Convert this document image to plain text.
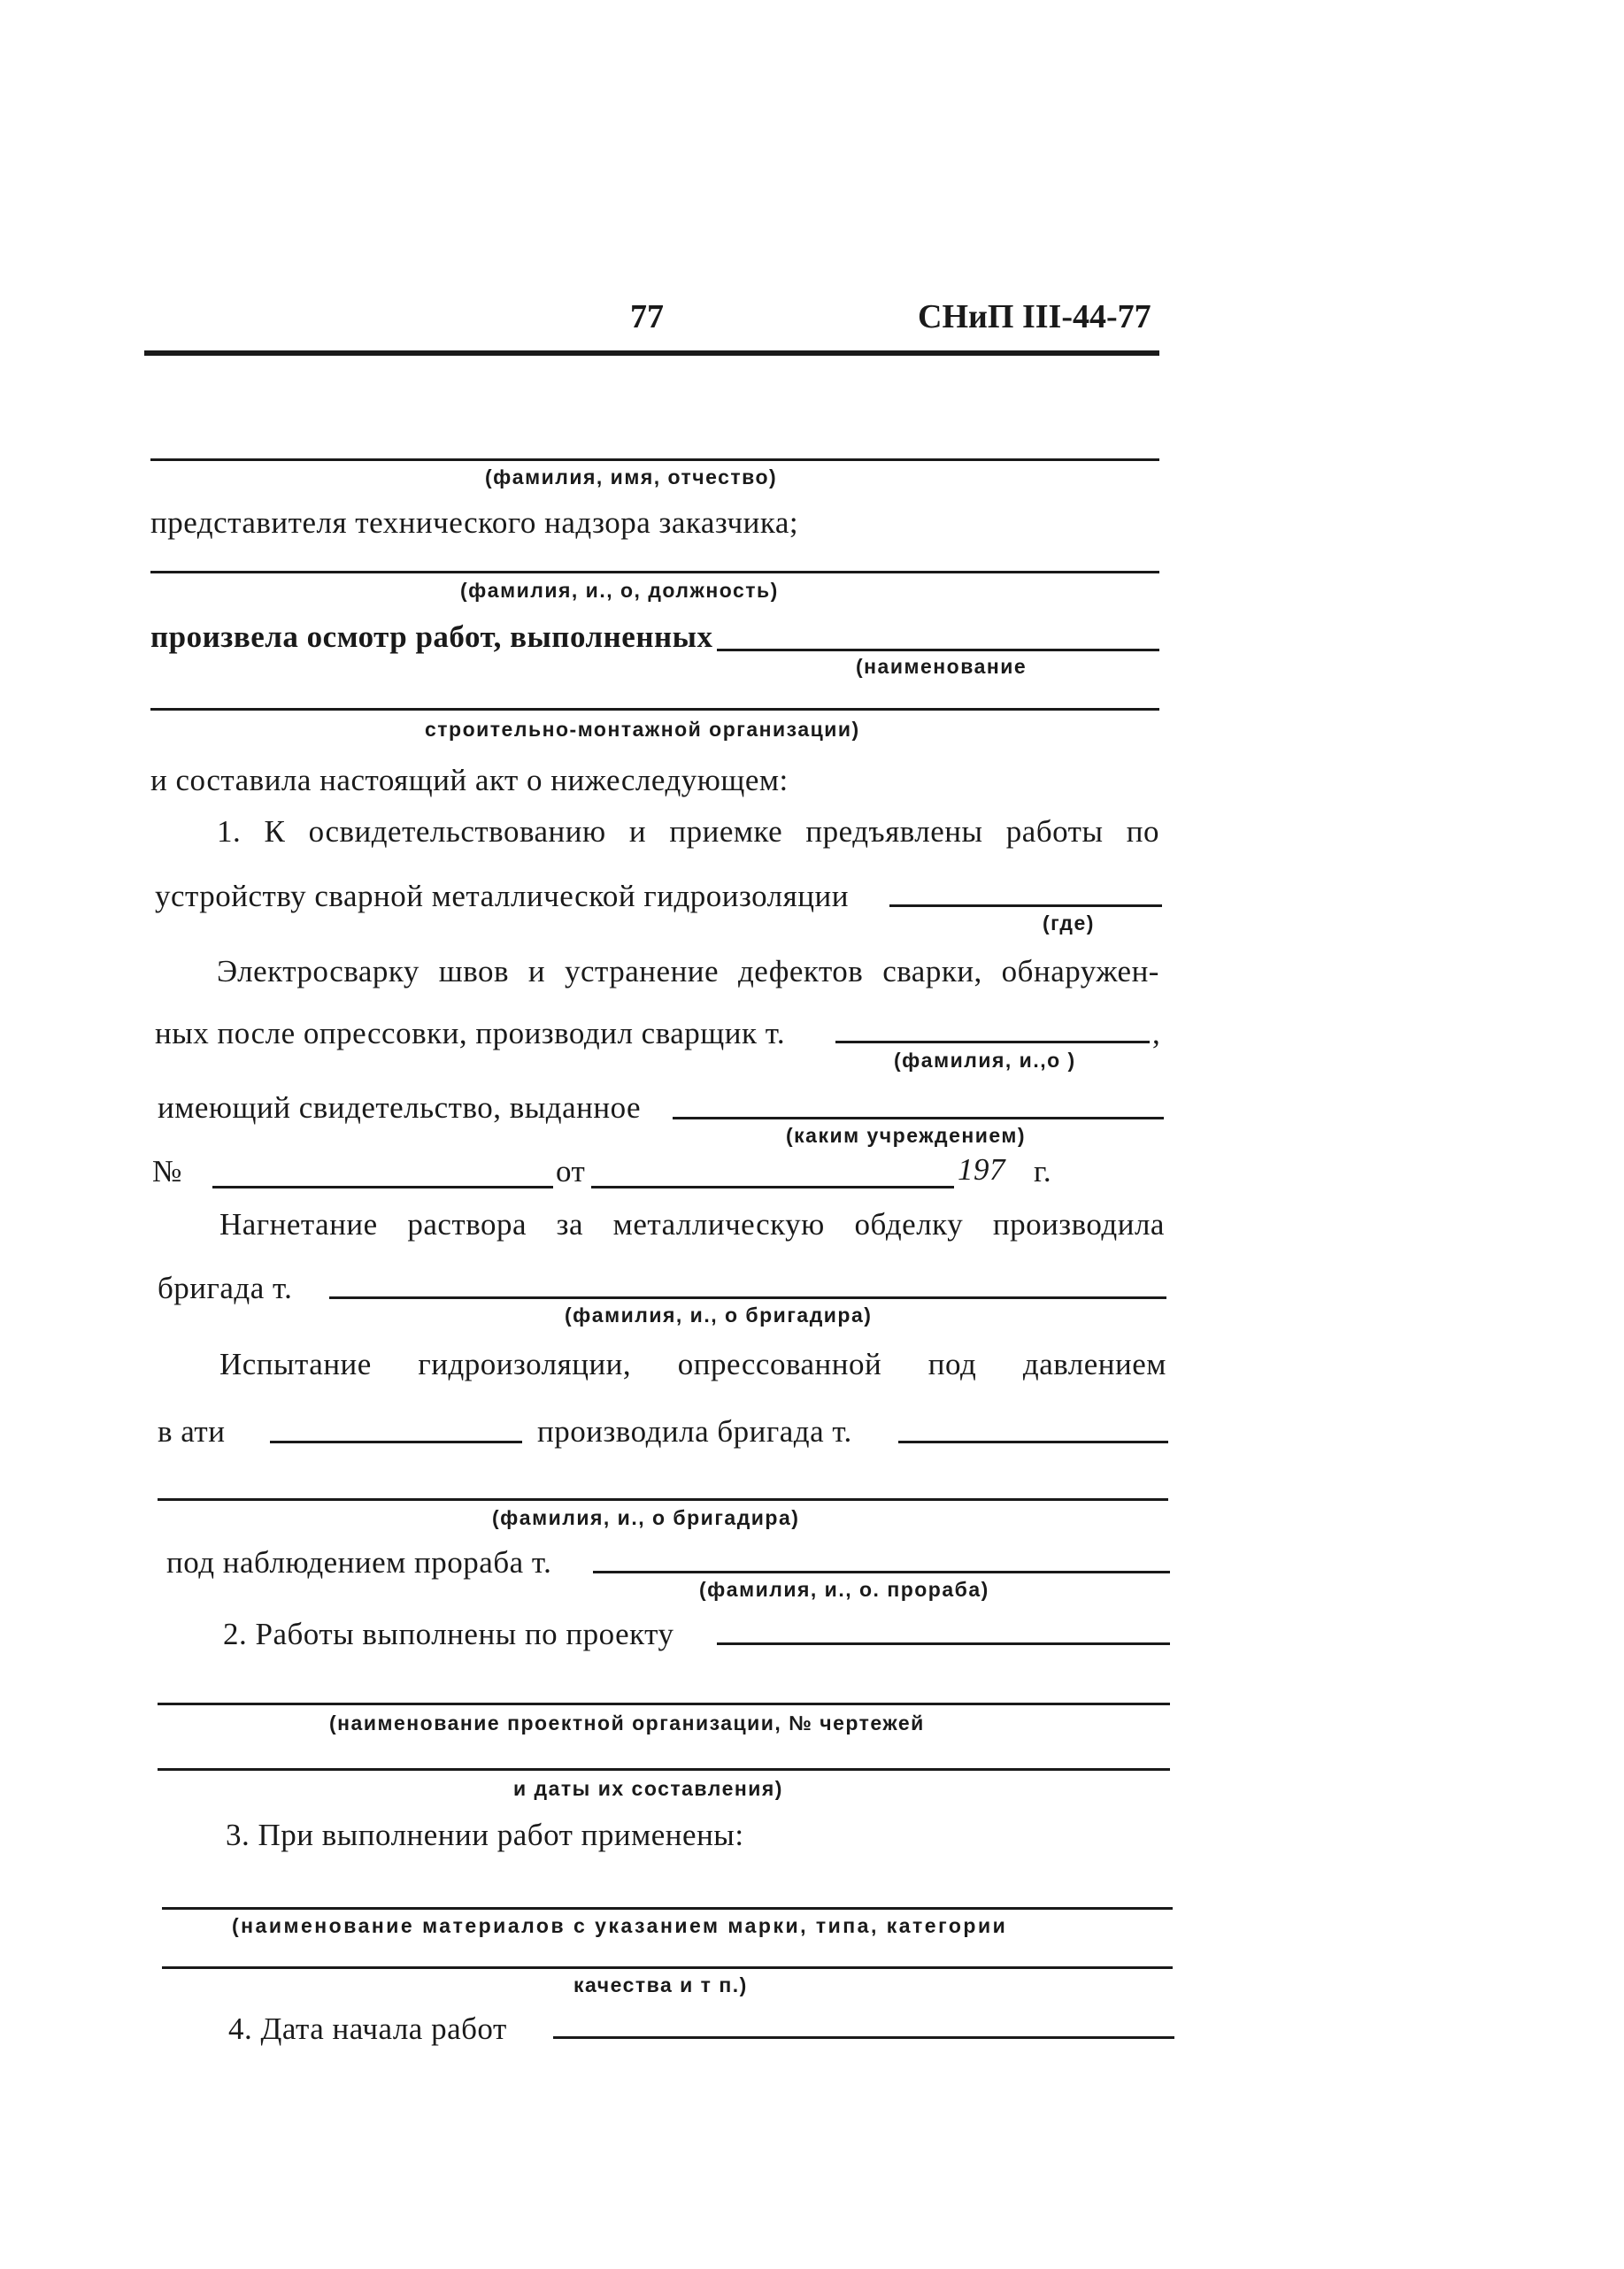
77	СНиП III-44-77
(фамилия, имя, отчество)
представителя технического надзора заказчика;
(фамилия, и., о, должность)
произвела осмотр работ, выполненных
(наименование
строительно-монтажной организации)
и составила настоящий акт о нижеследующем:
1. К освидетельствованию и приемке предъявлены работы по
устройству сварной металлической гидроизоляции
(где)
Электросварку швов и устранение дефектов сварки, обнаружен-
ных после опрессовки, производил сварщик т.	,
(фамилия, и.,о )
имеющий свидетельство, выданное
(каким учреждением)
№	от	197 г.
Нагнетание раствора за металлическую обделку производила
бригада т.
(фамилия, и., о бригадира)
Испытание гидроизоляции, опрессованной под давлением
в ати	производила бригада т.
(фамилия, и., о бригадира)
под наблюдением прораба т.
(фамилия, и., о. прораба)
2. Работы выполнены по проекту
(наименование проектной организации, № чертежей
и даты их составления)
3. При выполнении работ применены:
(наименование материалов с указанием марки, типа, категории
качества и т п.)
4. Дата начала работ
